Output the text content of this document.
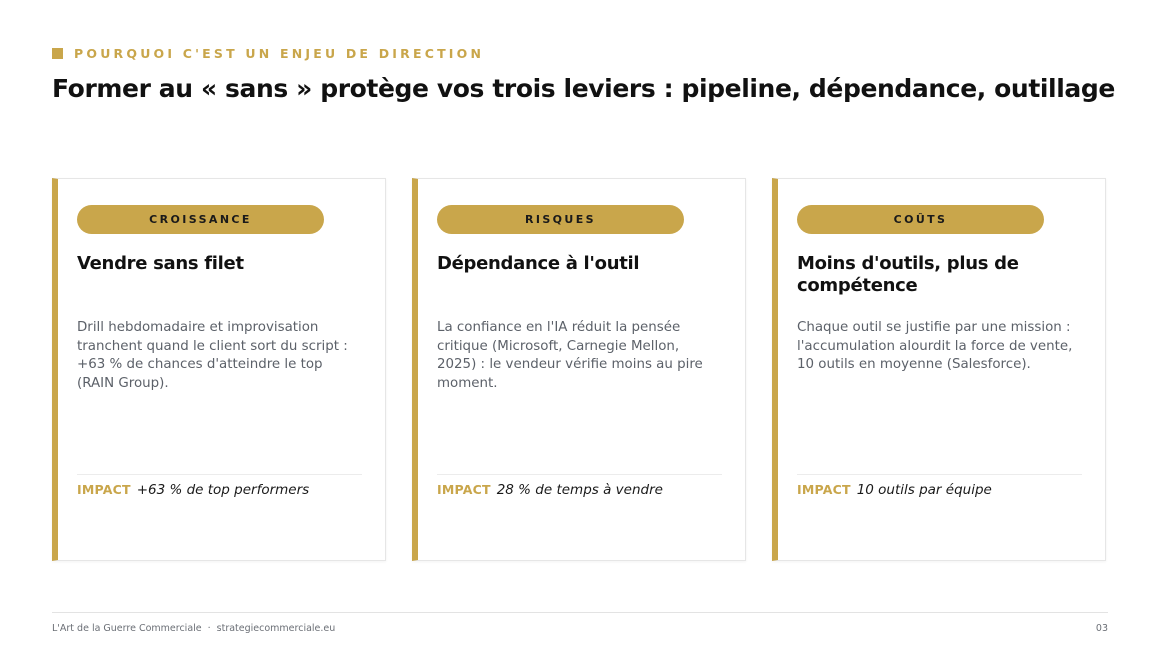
POURQUOI C'EST UN ENJEU DE DIRECTION
Former au « sans » protège vos trois leviers : pipeline, dépendance, outillage
CROISSANCE
Vendre sans filet

Drill hebdomadaire et improvisation tranchent quand le client sort du script : +63 % de chances d'atteindre le top (RAIN Group).

IMPACT +63 % de top performers
RISQUES
Dépendance à l'outil

La confiance en l'IA réduit la pensée critique (Microsoft, Carnegie Mellon, 2025) : le vendeur vérifie moins au pire moment.

IMPACT 28 % de temps à vendre
COÛTS
Moins d'outils, plus de compétence

Chaque outil se justifie par une mission : l'accumulation alourdit la force de vente, 10 outils en moyenne (Salesforce).

IMPACT 10 outils par équipe
L'Art de la Guerre Commerciale · strategiecommerciale.eu	03
